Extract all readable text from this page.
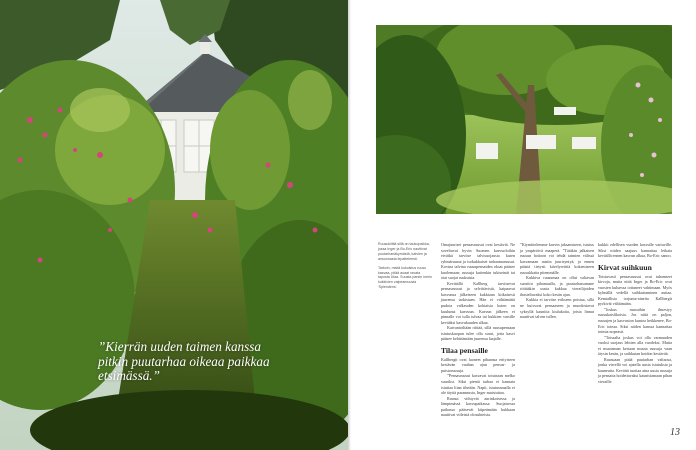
”Kierrän uuden taimen kanssa pitkin puutarhaa oikeaa paikkaa etsimässä.”

Ruusukiiltiä sillä on taukopaikka, jossa Inger ja Bo-Eric nauttivat puutarhanäkymästä, katvien ja ansonnasta lepatteleesti.

Tarkoin, mistä kukoistus ruusu kasvaa, pitää auaat ravata taposta Ulaa. Suusta parsin inerin kukkivien valpeamuusta 'Splendens'.

Omajuuriset pensasruusut ovat kestäviä. Ne soveltuvat hyvin Suomen kasvuoloihin eivätkä tarvitse talvisuojausta kuten ryhmäruusut ja isokukkaiset tarhaamaruusut. Kovina talvina ruusupensaiden oksat pääsee kuolemaan; ruusuja kuitenkin tukiseinät tai otat suojat ruukuista.

Kevätällä Kallberg tarvitsevat pensasruusut ja selvittävistä, kaipaavat kasvunsa jälkeiseen kukkiaan kitkaisesti juurensa tarkistaen. Hän ei välttämättä pudota valkeuden kohtaisia kuten on kuulunut kasvuun. Kasvun jälkeen ei pinnalle voi tulla tulvaa tai kukkien varsille kevääksi kasvukauden alkua.

Kaivantoiltään riittää, sillä ruusupensaan istutuskuopan tulee olla suuri, jotta kasvi pääsee kehittämään juurensa laajalle.

Tilaa pensaille

Kallbergit ovat luoneet pihaansa erityiseen kestävän vauhan ajan pensas- ja puistoruusuja.

”Pensasruusut kasvavat toisinaan melko suuriksi. Siksi pientä tarhaa ei kannata istuttaa liian tiheään. Napit, istutusmaalla ei ole täyttä parannusta, Inger muistuttaa.

Ruusut viihtyvät aurinkoisessa ja lämpimässä kasvupaikassa. Suojaisessa paikassa pääsevät kiipeämään kukkaan nauttivat viileistä olosuhteista.

”Kiymittelemme kasvin jaksamiseen, istutus ja ympäröivä maaperä. ”Tätäkin jalkaisen ruusun hoitoon voi tehdä taimien välissä kasvamaan uusiin juurisyntyä, ja ennen päästä tietysti kävelyreittiä kokemiseen ruusukkaita pitemmälle.

Kukkiva ruusumaa on ollut valtavan suosittu pihamaalla, ja puutarhassamme riittääkin uusia kukkaa vierailijoiden ihasteltavaksi koko kesän ajan.

Kukkia ei tarvitse erikseen poistaa, sillä ne kuivuvat pensaaseen ja muodostavat syksyllä kauniita kiulukoita, joista linnut nauttivat talven tullen.

kukkii edellisen vuoden kasvulle vartuville. Siksi niiden saajuus kannattaa leikata keväällä ennen kasvun alkua, Bo-Eric sanoo.

Kirvat suihkuun

Toistuvasti pensasruusut ovat tuhonneet kirvoja, mutta niitä Inger ja Bo-Eric ovat vuosien kuluessa tottuneet vahtimaan. Myös kylmällä vedellä suihkuttaminen auttaa. Kemiallisia torjunta-aineita Kallbergit pyrkivät välttämään.

”Joskus ruusuihin ilmestyy ruusukaislikoisia. Jos niitä on paljon, ruusujen ja kasvuston kuntoa heikkenee, Bo-Eric toteaa. Siksi niiden kanssa kannattaa toimia nopeasti.

”Toissalta joskus voi olla varmuuden vuoksi suojaus lehtien alla vuodeksi. Mutta ei muutaman kertaan muuta ruusuja vaan täysin kesän, ja suihkutan hoidon kestävää.

Ruusuaan pitää puutarhan valtaosa, jonka vierellä voi ajatella uusia istutuksia ja kauneutta. Kevättä tuottaa aina uusia ruusuja ja pensaita hoidettavaksi kaunistamaan pihan vieraille.

13
